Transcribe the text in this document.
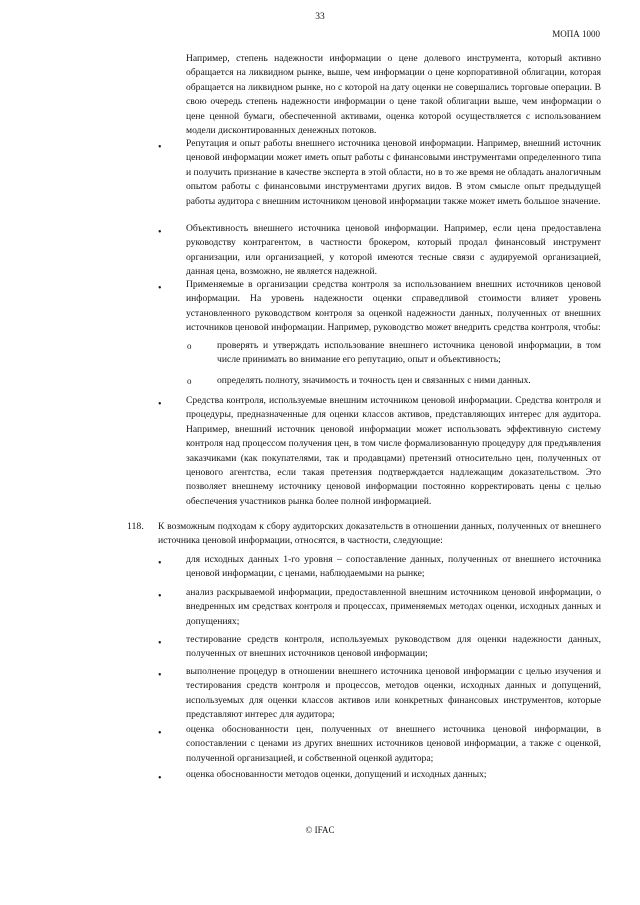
33
МОПА 1000
Например, степень надежности информации о цене долевого инструмента, который активно обращается на ликвидном рынке, выше, чем информации о цене корпоративной облигации, которая обращается на ликвидном рынке, но с которой на дату оценки не совершались торговые операции. В свою очередь степень надежности информации о цене такой облигации выше, чем информации о цене ценной бумаги, обеспеченной активами, оценка которой осуществляется с использованием модели дисконтированных денежных потоков.
•	Репутация и опыт работы внешнего источника ценовой информации. Например, внешний источник ценовой информации может иметь опыт работы с финансовыми инструментами определенного типа и получить признание в качестве эксперта в этой области, но в то же время не обладать аналогичным опытом работы с финансовыми инструментами других видов. В этом смысле опыт предыдущей работы аудитора с внешним источником ценовой информации также может иметь большое значение.
•	Объективность внешнего источника ценовой информации. Например, если цена предоставлена руководству контрагентом, в частности брокером, который продал финансовый инструмент организации, или организацией, у которой имеются тесные связи с аудируемой организацией, данная цена, возможно, не является надежной.
•	Применяемые в организации средства контроля за использованием внешних источников ценовой информации. На уровень надежности оценки справедливой стоимости влияет уровень установленного руководством контроля за оценкой надежности данных, полученных от внешних источников ценовой информации. Например, руководство может внедрить средства контроля, чтобы:
o	проверять и утверждать использование внешнего источника ценовой информации, в том числе принимать во внимание его репутацию, опыт и объективность;
o	определять полноту, значимость и точность цен и связанных с ними данных.
•	Средства контроля, используемые внешним источником ценовой информации. Средства контроля и процедуры, предназначенные для оценки классов активов, представляющих интерес для аудитора. Например, внешний источник ценовой информации может использовать эффективную систему контроля над процессом получения цен, в том числе формализованную процедуру для предъявления заказчиками (как покупателями, так и продавцами) претензий относительно цен, полученных от ценового агентства, если такая претензия подтверждается надлежащим доказательством. Это позволяет внешнему источнику ценовой информации постоянно корректировать цены с целью обеспечения участников рынка более полной информацией.
118. К возможным подходам к сбору аудиторских доказательств в отношении данных, полученных от внешнего источника ценовой информации, относятся, в частности, следующие:
•	для исходных данных 1-го уровня – сопоставление данных, полученных от внешнего источника ценовой информации, с ценами, наблюдаемыми на рынке;
•	анализ раскрываемой информации, предоставленной внешним источником ценовой информации, о внедренных им средствах контроля и процессах, применяемых методах оценки, исходных данных и допущениях;
•	тестирование средств контроля, используемых руководством для оценки надежности данных, полученных от внешних источников ценовой информации;
•	выполнение процедур в отношении внешнего источника ценовой информации с целью изучения и тестирования средств контроля и процессов, методов оценки, исходных данных и допущений, используемых для оценки классов активов или конкретных финансовых инструментов, которые представляют интерес для аудитора;
•	оценка обоснованности цен, полученных от внешнего источника ценовой информации, в сопоставлении с ценами из других внешних источников ценовой информации, а также с оценкой, полученной организацией, и собственной оценкой аудитора;
•	оценка обоснованности методов оценки, допущений и исходных данных;
© IFAC
